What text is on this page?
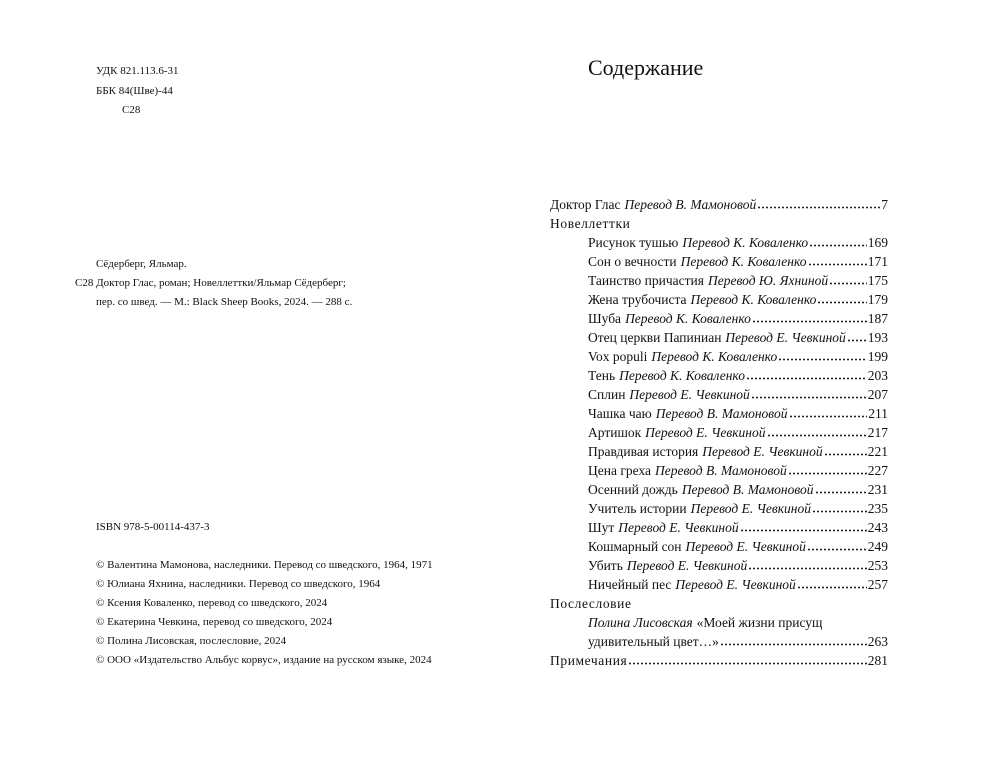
УДК 821.113.6-31
ББК 84(Шве)-44
С28
Сёдерберг, Яльмар.
С28 Доктор Глас, роман; Новеллеттки/Яльмар Сёдерберг;
пер. со швед. — М.: Black Sheep Books, 2024. — 288 с.
ISBN 978-5-00114-437-3
© Валентина Мамонова, наследники. Перевод со шведского, 1964, 1971
© Юлиана Яхнина, наследники. Перевод со шведского, 1964
© Ксения Коваленко, перевод со шведского, 2024
© Екатерина Чевкина, перевод со шведского, 2024
© Полина Лисовская, послесловие, 2024
© ООО «Издательство Альбус корвус», издание на русском языке, 2024
Содержание
Доктор Глас Перевод В. Мамоновой	7
Новеллеттки
Рисунок тушью Перевод К. Коваленко	169
Сон о вечности Перевод К. Коваленко	171
Таинство причастия Перевод Ю. Яхниной	175
Жена трубочиста Перевод К. Коваленко	179
Шуба Перевод К. Коваленко	187
Отец церкви Папиниан Перевод Е. Чевкиной 193
Vox populi Перевод К. Коваленко	199
Тень Перевод К. Коваленко	203
Сплин Перевод Е. Чевкиной	207
Чашка чаю Перевод В. Мамоновой	211
Артишок Перевод Е. Чевкиной	217
Правдивая история Перевод Е. Чевкиной	221
Цена греха Перевод В. Мамоновой	227
Осенний дождь Перевод В. Мамоновой	231
Учитель истории Перевод Е. Чевкиной	235
Шут Перевод Е. Чевкиной	243
Кошмарный сон Перевод Е. Чевкиной	249
Убить Перевод Е. Чевкиной	253
Ничейный пес Перевод Е. Чевкиной	257
Послесловие
Полина Лисовская «Моей жизни присущ
удивительный цвет…»	263
Примечания	281
